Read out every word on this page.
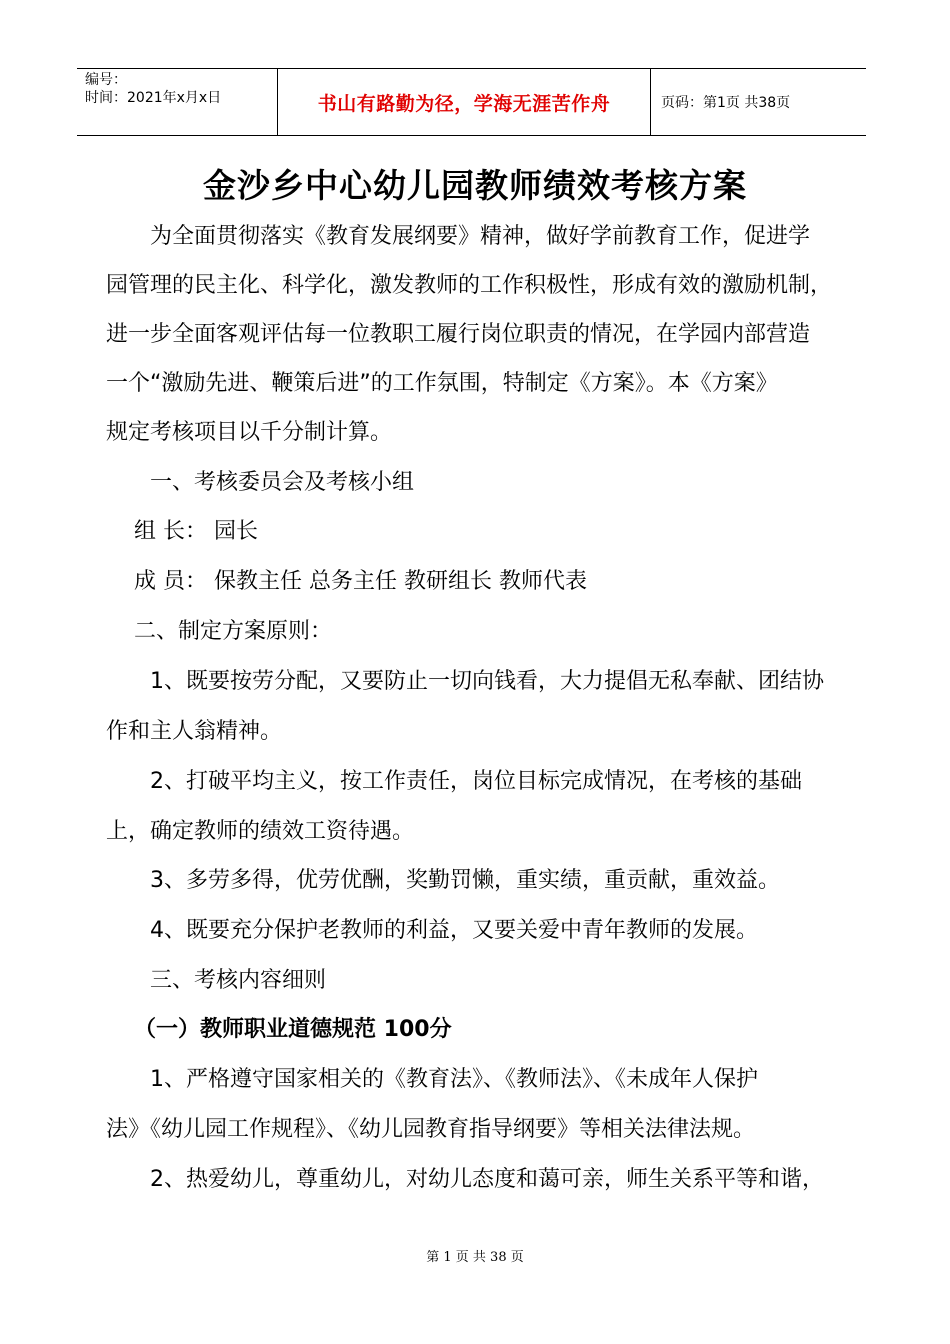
编号：
时间：2021年x月x日	书山有路勤为径，学海无涯苦作舟	页码：第1页 共38页
金沙乡中心幼儿园教师绩效考核方案
为全面贯彻落实《教育发展纲要》精神，做好学前教育工作，促进学
园管理的民主化、科学化，激发教师的工作积极性，形成有效的激励机制，
进一步全面客观评估每一位教职工履行岗位职责的情况，在学园内部营造
一个“激励先进、鞭策后进”的工作氛围，特制定《方案》。本《方案》
规定考核项目以千分制计算。
一、考核委员会及考核小组
组 长： 园长
成 员： 保教主任 总务主任 教研组长 教师代表
二、制定方案原则：
1、既要按劳分配，又要防止一切向钱看，大力提倡无私奉献、团结协
作和主人翁精神。
2、打破平均主义，按工作责任，岗位目标完成情况，在考核的基础
上，确定教师的绩效工资待遇。
3、多劳多得，优劳优酬，奖勤罚懒，重实绩，重贡献，重效益。
4、既要充分保护老教师的利益，又要关爱中青年教师的发展。
三、考核内容细则
（一）教师职业道德规范 100分
1、严格遵守国家相关的《教育法》、《教师法》、《未成年人保护
法》《幼儿园工作规程》、《幼儿园教育指导纲要》等相关法律法规。
2、热爱幼儿，尊重幼儿，对幼儿态度和蔼可亲，师生关系平等和谐，
第 1 页 共 38 页
